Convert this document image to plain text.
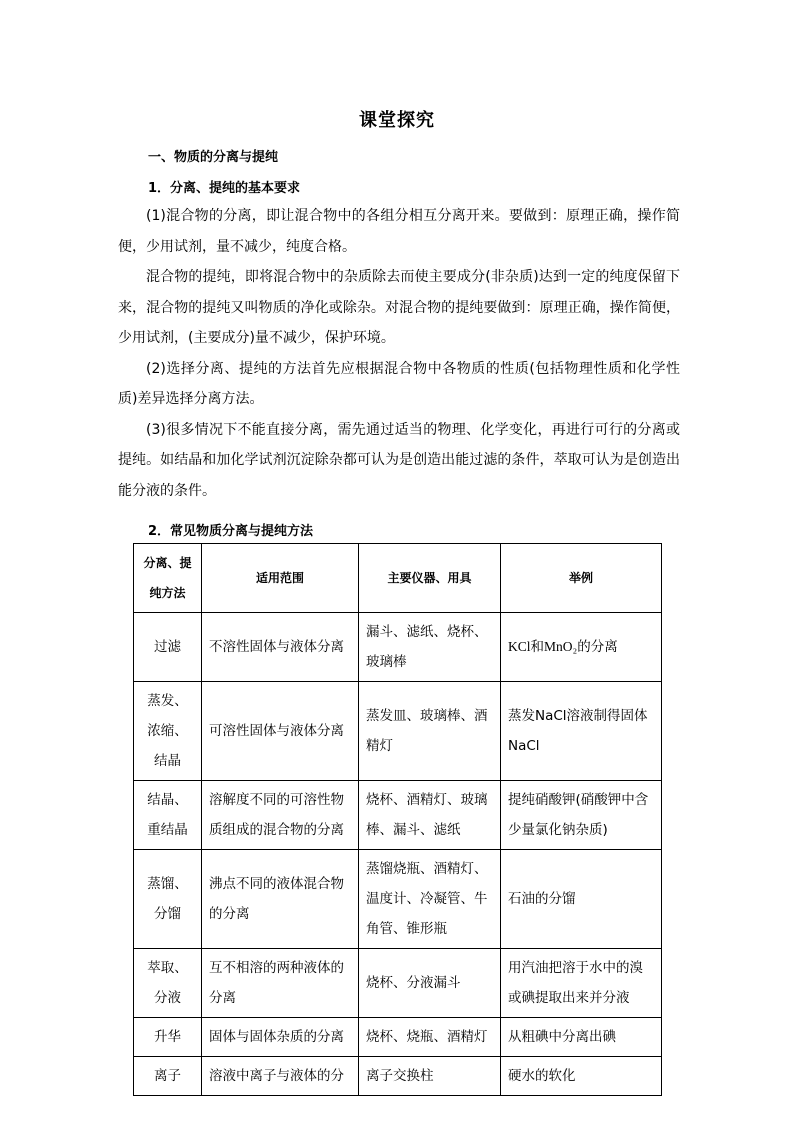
课堂探究
一、物质的分离与提纯
1．分离、提纯的基本要求

(1)混合物的分离，即让混合物中的各组分相互分离开来。要做到：原理正确，操作简便，少用试剂，量不减少，纯度合格。

混合物的提纯，即将混合物中的杂质除去而使主要成分(非杂质)达到一定的纯度保留下来，混合物的提纯又叫物质的净化或除杂。对混合物的提纯要做到：原理正确，操作简便，少用试剂，(主要成分)量不减少，保护环境。

(2)选择分离、提纯的方法首先应根据混合物中各物质的性质(包括物理性质和化学性质)差异选择分离方法。

(3)很多情况下不能直接分离，需先通过适当的物理、化学变化，再进行可行的分离或提纯。如结晶和加化学试剂沉淀除杂都可认为是创造出能过滤的条件，萃取可认为是创造出能分液的条件。

2．常见物质分离与提纯方法
分离、提纯方法	适用范围	主要仪器、用具	举例
过滤	不溶性固体与液体分离	漏斗、滤纸、烧杯、玻璃棒	KCl和MnO₂的分离
蒸发、浓缩、结晶	可溶性固体与液体分离	蒸发皿、玻璃棒、酒精灯	蒸发NaCl溶液制得固体NaCl
结晶、重结晶	溶解度不同的可溶性物质组成的混合物的分离	烧杯、酒精灯、玻璃棒、漏斗、滤纸	提纯硝酸钾(硝酸钾中含少量氯化钠杂质)
蒸馏、分馏	沸点不同的液体混合物的分离	蒸馏烧瓶、酒精灯、温度计、冷凝管、牛角管、锥形瓶	石油的分馏
萃取、分液	互不相溶的两种液体的分离	烧杯、分液漏斗	用汽油把溶于水中的溴或碘提取出来并分液
升华	固体与固体杂质的分离	烧杯、烧瓶、酒精灯	从粗碘中分离出碘
离子	溶液中离子与液体的分	离子交换柱	硬水的软化
